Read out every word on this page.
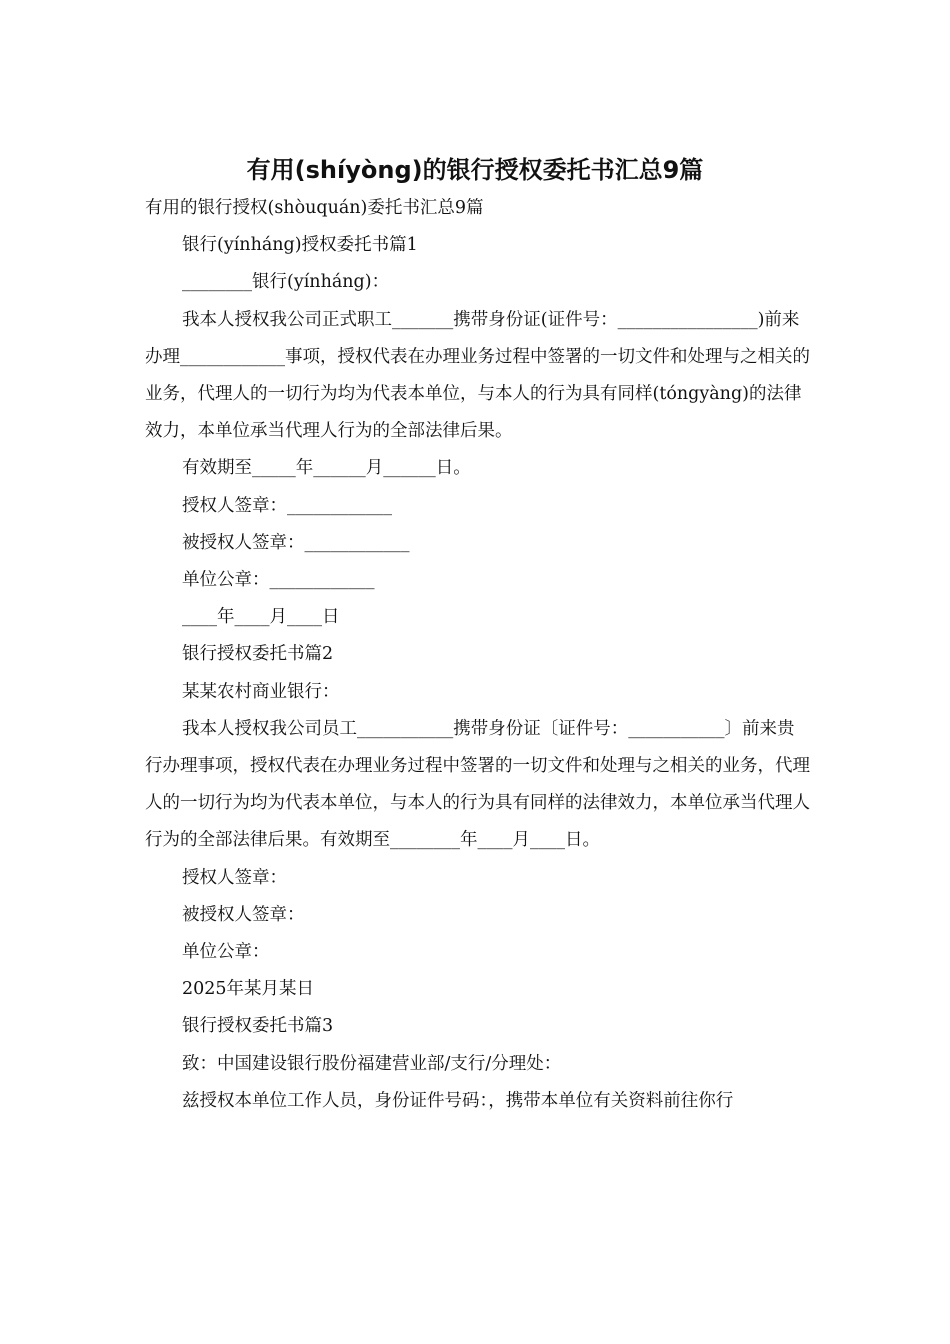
有用(shíyòng)的银行授权委托书汇总9篇

有用的银行授权(shòuquán)委托书汇总9篇

银行(yínháng)授权委托书篇1

________银行(yínháng)：

我本人授权我公司正式职工_______携带身份证(证件号：________________)前来办理____________事项，授权代表在办理业务过程中签署的一切文件和处理与之相关的业务，代理人的一切行为均为代表本单位，与本人的行为具有同样(tóngyàng)的法律效力，本单位承当代理人行为的全部法律后果。

有效期至_____年______月______日。

授权人签章：____________

被授权人签章：____________

单位公章：____________

____年____月____日

银行授权委托书篇2

某某农村商业银行：

我本人授权我公司员工___________携带身份证〔证件号：___________〕前来贵行办理事项，授权代表在办理业务过程中签署的一切文件和处理与之相关的业务，代理人的一切行为均为代表本单位，与本人的行为具有同样的法律效力，本单位承当代理人行为的全部法律后果。有效期至________年____月____日。

授权人签章：

被授权人签章：

单位公章：

2025年某月某日

银行授权委托书篇3

致：中国建设银行股份福建营业部/支行/分理处：

兹授权本单位工作人员，身份证件号码：，携带本单位有关资料前往你行
